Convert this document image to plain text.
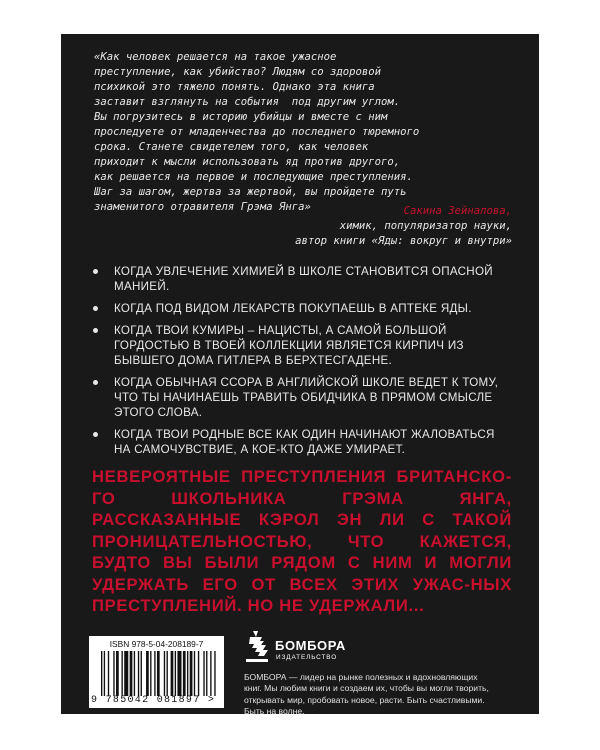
«Как человек решается на такое ужасное
преступление, как убийство? Людям со здоровой
психикой это тяжело понять. Однако эта книга
заставит взглянуть на события  под другим углом.
Вы погрузитесь в историю убийцы и вместе с ним
проследуете от младенчества до последнего тюремного
срока. Станете свидетелем того, как человек
приходит к мысли использовать яд против другого,
как решается на первое и последующие преступления.
Шаг за шагом, жертва за жертвой, вы пройдете путь
знаменитого отравителя Грэма Янга»	Сакина Зейналова,
химик, популяризатор науки,
автор книги «Яды: вокруг и внутри»
КОГДА УВЛЕЧЕНИЕ ХИМИЕЙ В ШКОЛЕ СТАНОВИТСЯ ОПАСНОЙ МАНИЕЙ.
КОГДА ПОД ВИДОМ ЛЕКАРСТВ ПОКУПАЕШЬ В АПТЕКЕ ЯДЫ.
КОГДА ТВОИ КУМИРЫ – НАЦИСТЫ, А САМОЙ БОЛЬШОЙ ГОРДОСТЬЮ В ТВОЕЙ КОЛЛЕКЦИИ ЯВЛЯЕТСЯ КИРПИЧ ИЗ БЫВШЕГО ДОМА ГИТЛЕРА В БЕРХТЕСГАДЕНЕ.
КОГДА ОБЫЧНАЯ ССОРА В АНГЛИЙСКОЙ ШКОЛЕ ВЕДЕТ К ТОМУ, ЧТО ТЫ НАЧИНАЕШЬ ТРАВИТЬ ОБИДЧИКА В ПРЯМОМ СМЫСЛЕ ЭТОГО СЛОВА.
КОГДА ТВОИ РОДНЫЕ ВСЕ КАК ОДИН НАЧИНАЮТ ЖАЛОВАТЬСЯ НА САМОЧУВСТВИЕ, А КОЕ-КТО ДАЖЕ УМИРАЕТ.
НЕВЕРОЯТНЫЕ ПРЕСТУПЛЕНИЯ БРИТАНСКО-ГО ШКОЛЬНИКА ГРЭМА ЯНГА, РАССКАЗАННЫЕ КЭРОЛ ЭН ЛИ С ТАКОЙ ПРОНИЦАТЕЛЬНОСТЬЮ, ЧТО КАЖЕТСЯ, БУДТО ВЫ БЫЛИ РЯДОМ С НИМ И МОГЛИ УДЕРЖАТЬ ЕГО ОТ ВСЕХ ЭТИХ УЖАС-НЫХ ПРЕСТУПЛЕНИЙ. НО НЕ УДЕРЖАЛИ...
ISBN 978-5-04-208189-7
9 785042 081897 >
БОМБОРА
ИЗДАТЕЛЬСТВО
БОМБОРА — лидер на рынке полезных и вдохновляющих книг. Мы любим книги и создаем их, чтобы вы могли творить, открывать мир, пробовать новое, расти. Быть счастливыми. Быть на волне.
